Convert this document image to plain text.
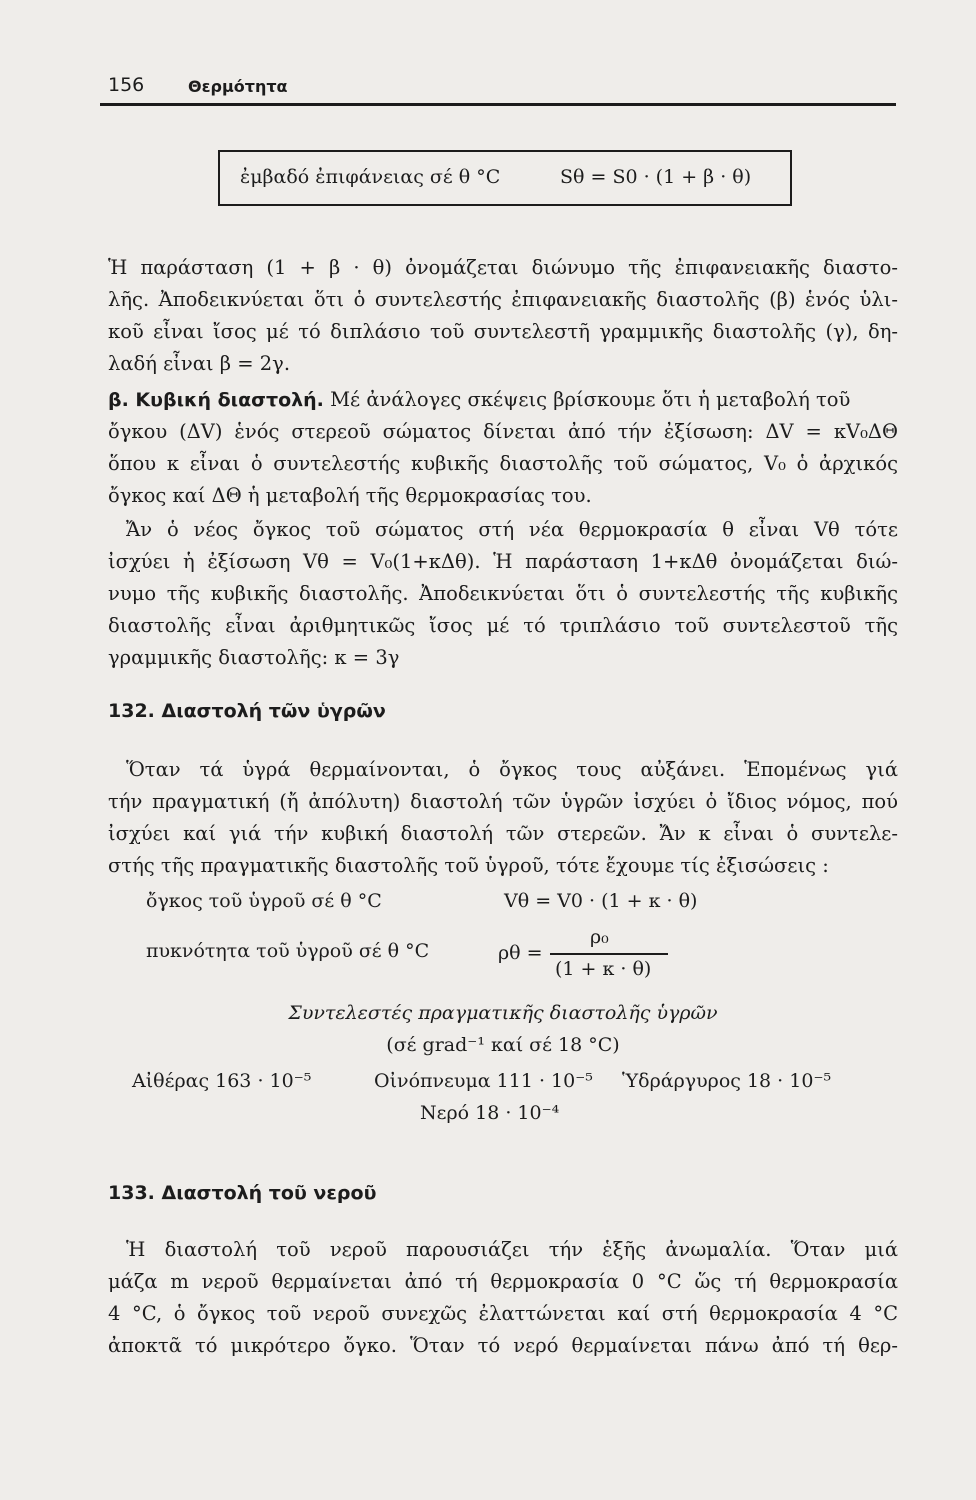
156	Θερμότητα
ἐμβαδό ἐπιφάνειας σέ θ °C	Sθ = S0 · (1 + β · θ)
Ἡ παράσταση (1 + β · θ) ὀνομάζεται διώνυμο τῆς ἐπιφανειακῆς διαστο-
λῆς. Ἀποδεικνύεται ὅτι ὁ συντελεστής ἐπιφανειακῆς διαστολῆς (β) ἑνός ὑλι-
κοῦ εἶναι ἴσος μέ τό διπλάσιο τοῦ συντελεστῆ γραμμικῆς διαστολῆς (γ), δη-
λαδή εἶναι β = 2γ.
β. Κυβική διαστολή. Μέ ἀνάλογες σκέψεις βρίσκουμε ὅτι ἡ μεταβολή τοῦ
ὄγκου (ΔV) ἑνός στερεοῦ σώματος δίνεται ἀπό τήν ἐξίσωση: ΔV = κV₀ΔΘ
ὅπου κ εἶναι ὁ συντελεστής κυβικῆς διαστολῆς τοῦ σώματος, V₀ ὁ ἀρχικός
ὄγκος καί ΔΘ ἡ μεταβολή τῆς θερμοκρασίας του.
Ἄν ὁ νέος ὄγκος τοῦ σώματος στή νέα θερμοκρασία θ εἶναι Vθ τότε
ἰσχύει ἡ ἐξίσωση Vθ = V₀(1+κΔθ). Ἡ παράσταση 1+κΔθ ὀνομάζεται διώ-
νυμο τῆς κυβικῆς διαστολῆς. Ἀποδεικνύεται ὅτι ὁ συντελεστής τῆς κυβικῆς
διαστολῆς εἶναι ἀριθμητικῶς ἴσος μέ τό τριπλάσιο τοῦ συντελεστοῦ τῆς
γραμμικῆς διαστολῆς: κ = 3γ
132. Διαστολή τῶν ὑγρῶν
Ὅταν τά ὑγρά θερμαίνονται, ὁ ὄγκος τους αὐξάνει. Ἑπομένως γιά
τήν πραγματική (ἤ ἀπόλυτη) διαστολή τῶν ὑγρῶν ἰσχύει ὁ ἴδιος νόμος, πού
ἰσχύει καί γιά τήν κυβική διαστολή τῶν στερεῶν. Ἄν κ εἶναι ὁ συντελε-
στής τῆς πραγματικῆς διαστολῆς τοῦ ὑγροῦ, τότε ἔχουμε τίς ἐξισώσεις :
ὄγκος τοῦ ὑγροῦ σέ θ °C	Vθ = V0 · (1 + κ · θ)
πυκνότητα τοῦ ὑγροῦ σέ θ °C	ρθ =
ρ₀
(1 + κ · θ)
Συντελεστές πραγματικῆς διαστολῆς ὑγρῶν
(σέ grad⁻¹ καί σέ 18 °C)
Αἰθέρας 163 · 10⁻⁵	Οἰνόπνευμα 111 · 10⁻⁵ Ὑδράργυρος 18 · 10⁻⁵
Νερό 18 · 10⁻⁴
133. Διαστολή τοῦ νεροῦ
Ἡ διαστολή τοῦ νεροῦ παρουσιάζει τήν ἑξῆς ἀνωμαλία. Ὅταν μιά
μάζα m νεροῦ θερμαίνεται ἀπό τή θερμοκρασία 0 °C ὥς τή θερμοκρασία
4 °C, ὁ ὄγκος τοῦ νεροῦ συνεχῶς ἐλαττώνεται καί στή θερμοκρασία 4 °C
ἀποκτᾶ τό μικρότερο ὄγκο. Ὅταν τό νερό θερμαίνεται πάνω ἀπό τή θερ-
